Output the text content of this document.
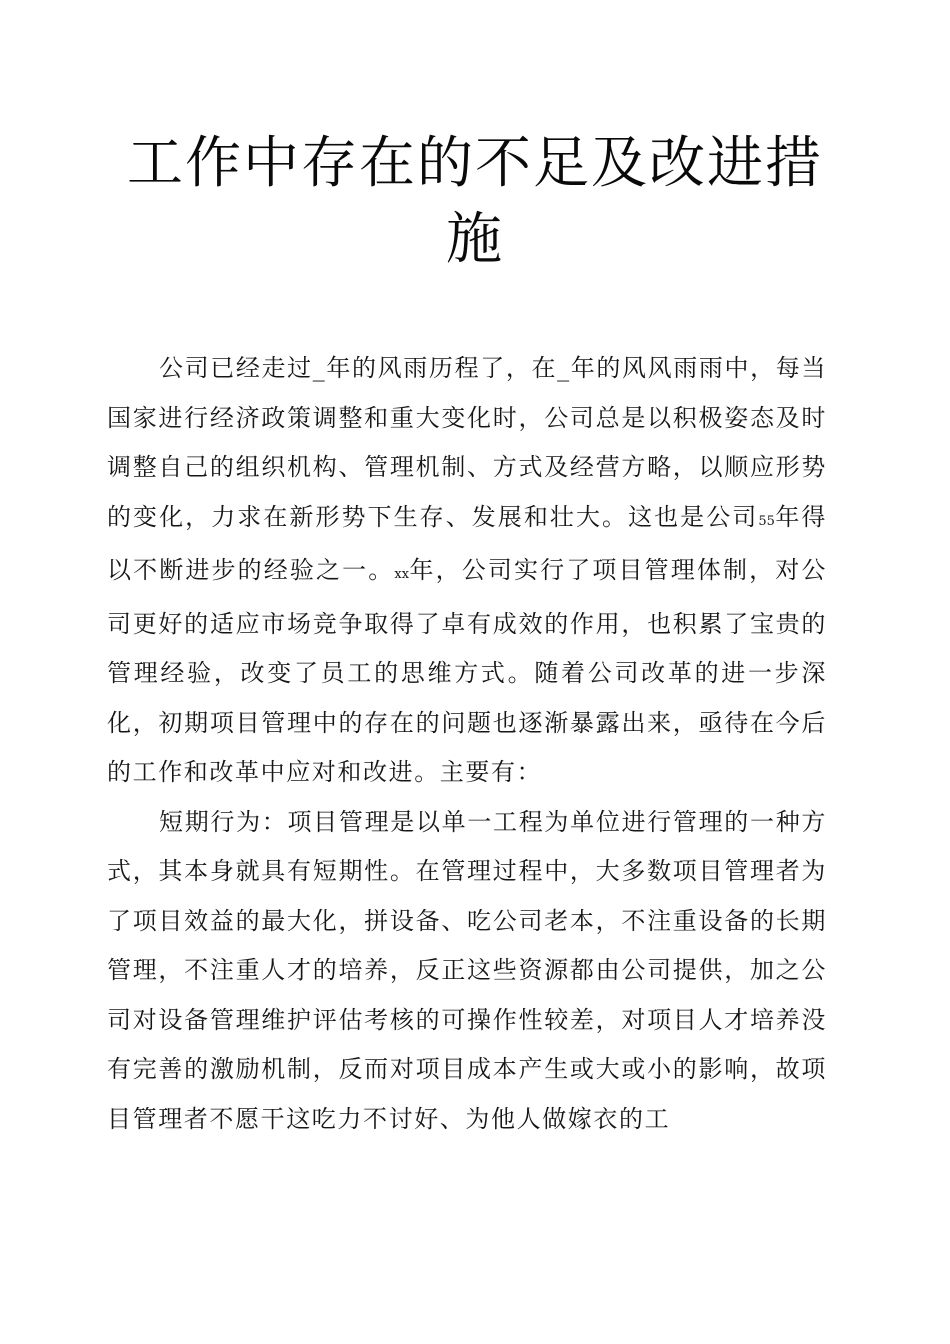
工作中存在的不足及改进措
施

公司已经走过_年的风雨历程了，在_年的风风雨雨中，每当国家进行经济政策调整和重大变化时，公司总是以积极姿态及时调整自己的组织机构、管理机制、方式及经营方略，以顺应形势的变化，力求在新形势下生存、发展和壮大。这也是公司55年得以不断进步的经验之一。xx年，公司实行了项目管理体制，对公司更好的适应市场竞争取得了卓有成效的作用，也积累了宝贵的管理经验，改变了员工的思维方式。随着公司改革的进一步深化，初期项目管理中的存在的问题也逐渐暴露出来，亟待在今后的工作和改革中应对和改进。主要有：

短期行为：项目管理是以单一工程为单位进行管理的一种方式，其本身就具有短期性。在管理过程中，大多数项目管理者为了项目效益的最大化，拼设备、吃公司老本，不注重设备的长期管理，不注重人才的培养，反正这些资源都由公司提供，加之公司对设备管理维护评估考核的可操作性较差，对项目人才培养没有完善的激励机制，反而对项目成本产生或大或小的影响，故项目管理者不愿干这吃力不讨好、为他人做嫁衣的工
